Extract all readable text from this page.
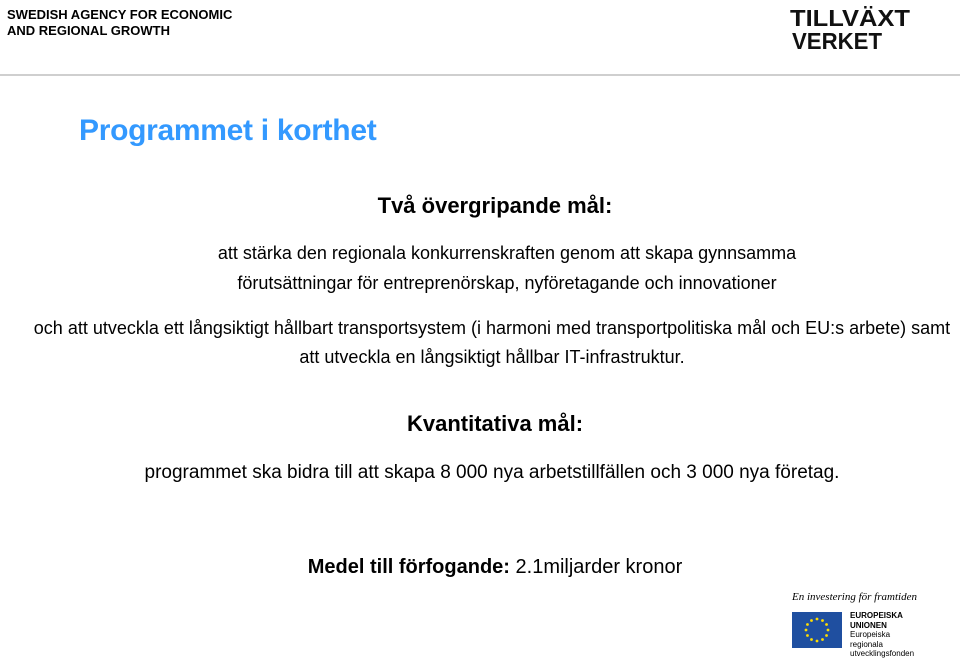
SWEDISH AGENCY FOR ECONOMIC
AND REGIONAL GROWTH	TILLVÄXT
VERKET
Programmet i korthet
Två övergripande mål:
att stärka den regionala konkurrenskraften genom att skapa gynnsamma
förutsättningar för entreprenörskap, nyföretagande och innovationer
och att utveckla ett långsiktigt hållbart transportsystem (i harmoni med transportpolitiska mål och EU:s arbete) samt att utveckla en långsiktigt hållbar IT-infrastruktur.
Kvantitativa mål:
programmet ska bidra till att skapa 8 000 nya arbetstillfällen och 3 000 nya företag.
Medel till förfogande: 2.1miljarder kronor
En investering för framtiden
EUROPEISKA
UNIONEN
Europeiska
regionala
utvecklingsfonden
